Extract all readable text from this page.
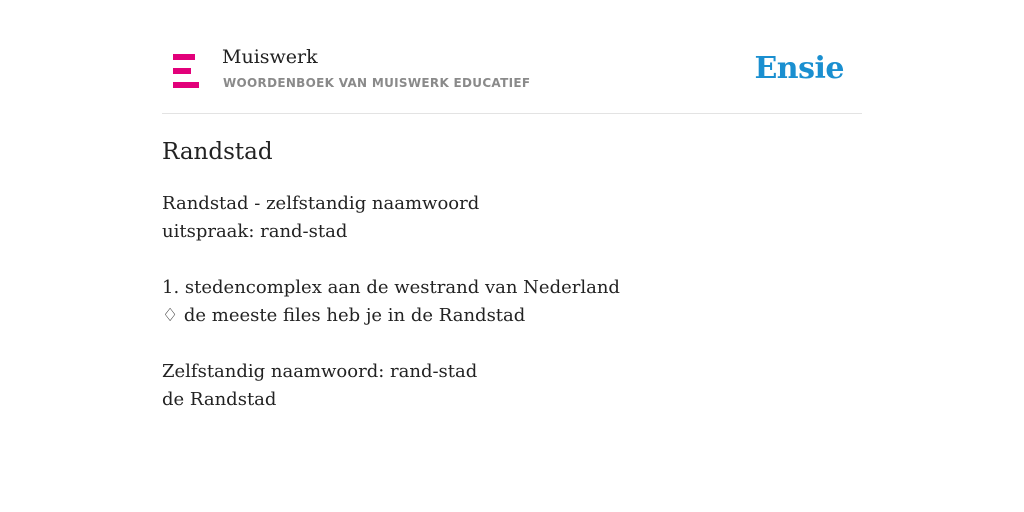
Muiswerk
WOORDENBOEK VAN MUISWERK EDUCATIEF	Ensie
Randstad
Randstad - zelfstandig naamwoord
uitspraak: rand-stad
1. stedencomplex aan de westrand van Nederland
♢ de meeste files heb je in de Randstad
Zelfstandig naamwoord: rand-stad
de Randstad
